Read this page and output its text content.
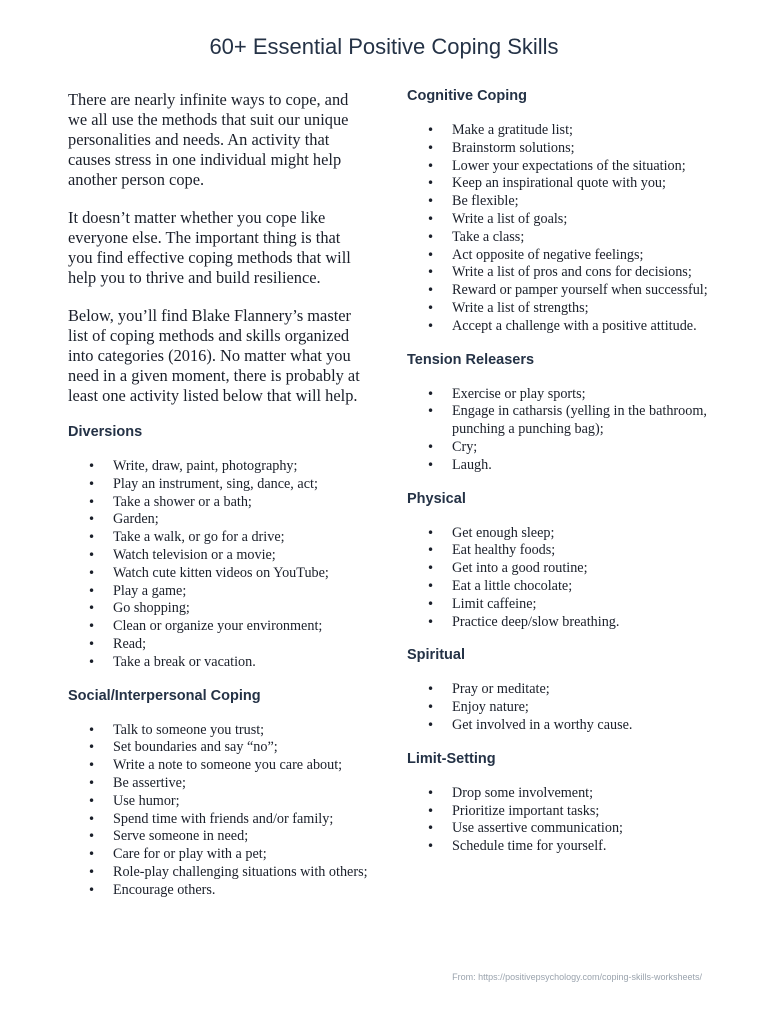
60+ Essential Positive Coping Skills

There are nearly infinite ways to cope, and we all use the methods that suit our unique personalities and needs. An activity that causes stress in one individual might help another person cope.

It doesn’t matter whether you cope like everyone else. The important thing is that you find effective coping methods that will help you to thrive and build resilience.

Below, you’ll find Blake Flannery’s master list of coping methods and skills organized into categories (2016). No matter what you need in a given moment, there is probably at least one activity listed below that will help.

Diversions
• Write, draw, paint, photography;
• Play an instrument, sing, dance, act;
• Take a shower or a bath;
• Garden;
• Take a walk, or go for a drive;
• Watch television or a movie;
• Watch cute kitten videos on YouTube;
• Play a game;
• Go shopping;
• Clean or organize your environment;
• Read;
• Take a break or vacation.
Social/Interpersonal Coping
• Talk to someone you trust;
• Set boundaries and say “no”;
• Write a note to someone you care about;
• Be assertive;
• Use humor;
• Spend time with friends and/or family;
• Serve someone in need;
• Care for or play with a pet;
• Role-play challenging situations with others;
• Encourage others.
Cognitive Coping
• Make a gratitude list;
• Brainstorm solutions;
• Lower your expectations of the situation;
• Keep an inspirational quote with you;
• Be flexible;
• Write a list of goals;
• Take a class;
• Act opposite of negative feelings;
• Write a list of pros and cons for decisions;
• Reward or pamper yourself when successful;
• Write a list of strengths;
• Accept a challenge with a positive attitude.
Tension Releasers
• Exercise or play sports;
• Engage in catharsis (yelling in the bathroom, punching a punching bag);
• Cry;
• Laugh.
Physical
• Get enough sleep;
• Eat healthy foods;
• Get into a good routine;
• Eat a little chocolate;
• Limit caffeine;
• Practice deep/slow breathing.
Spiritual
• Pray or meditate;
• Enjoy nature;
• Get involved in a worthy cause.
Limit-Setting
• Drop some involvement;
• Prioritize important tasks;
• Use assertive communication;
• Schedule time for yourself.
From: https://positivepsychology.com/coping-skills-worksheets/
